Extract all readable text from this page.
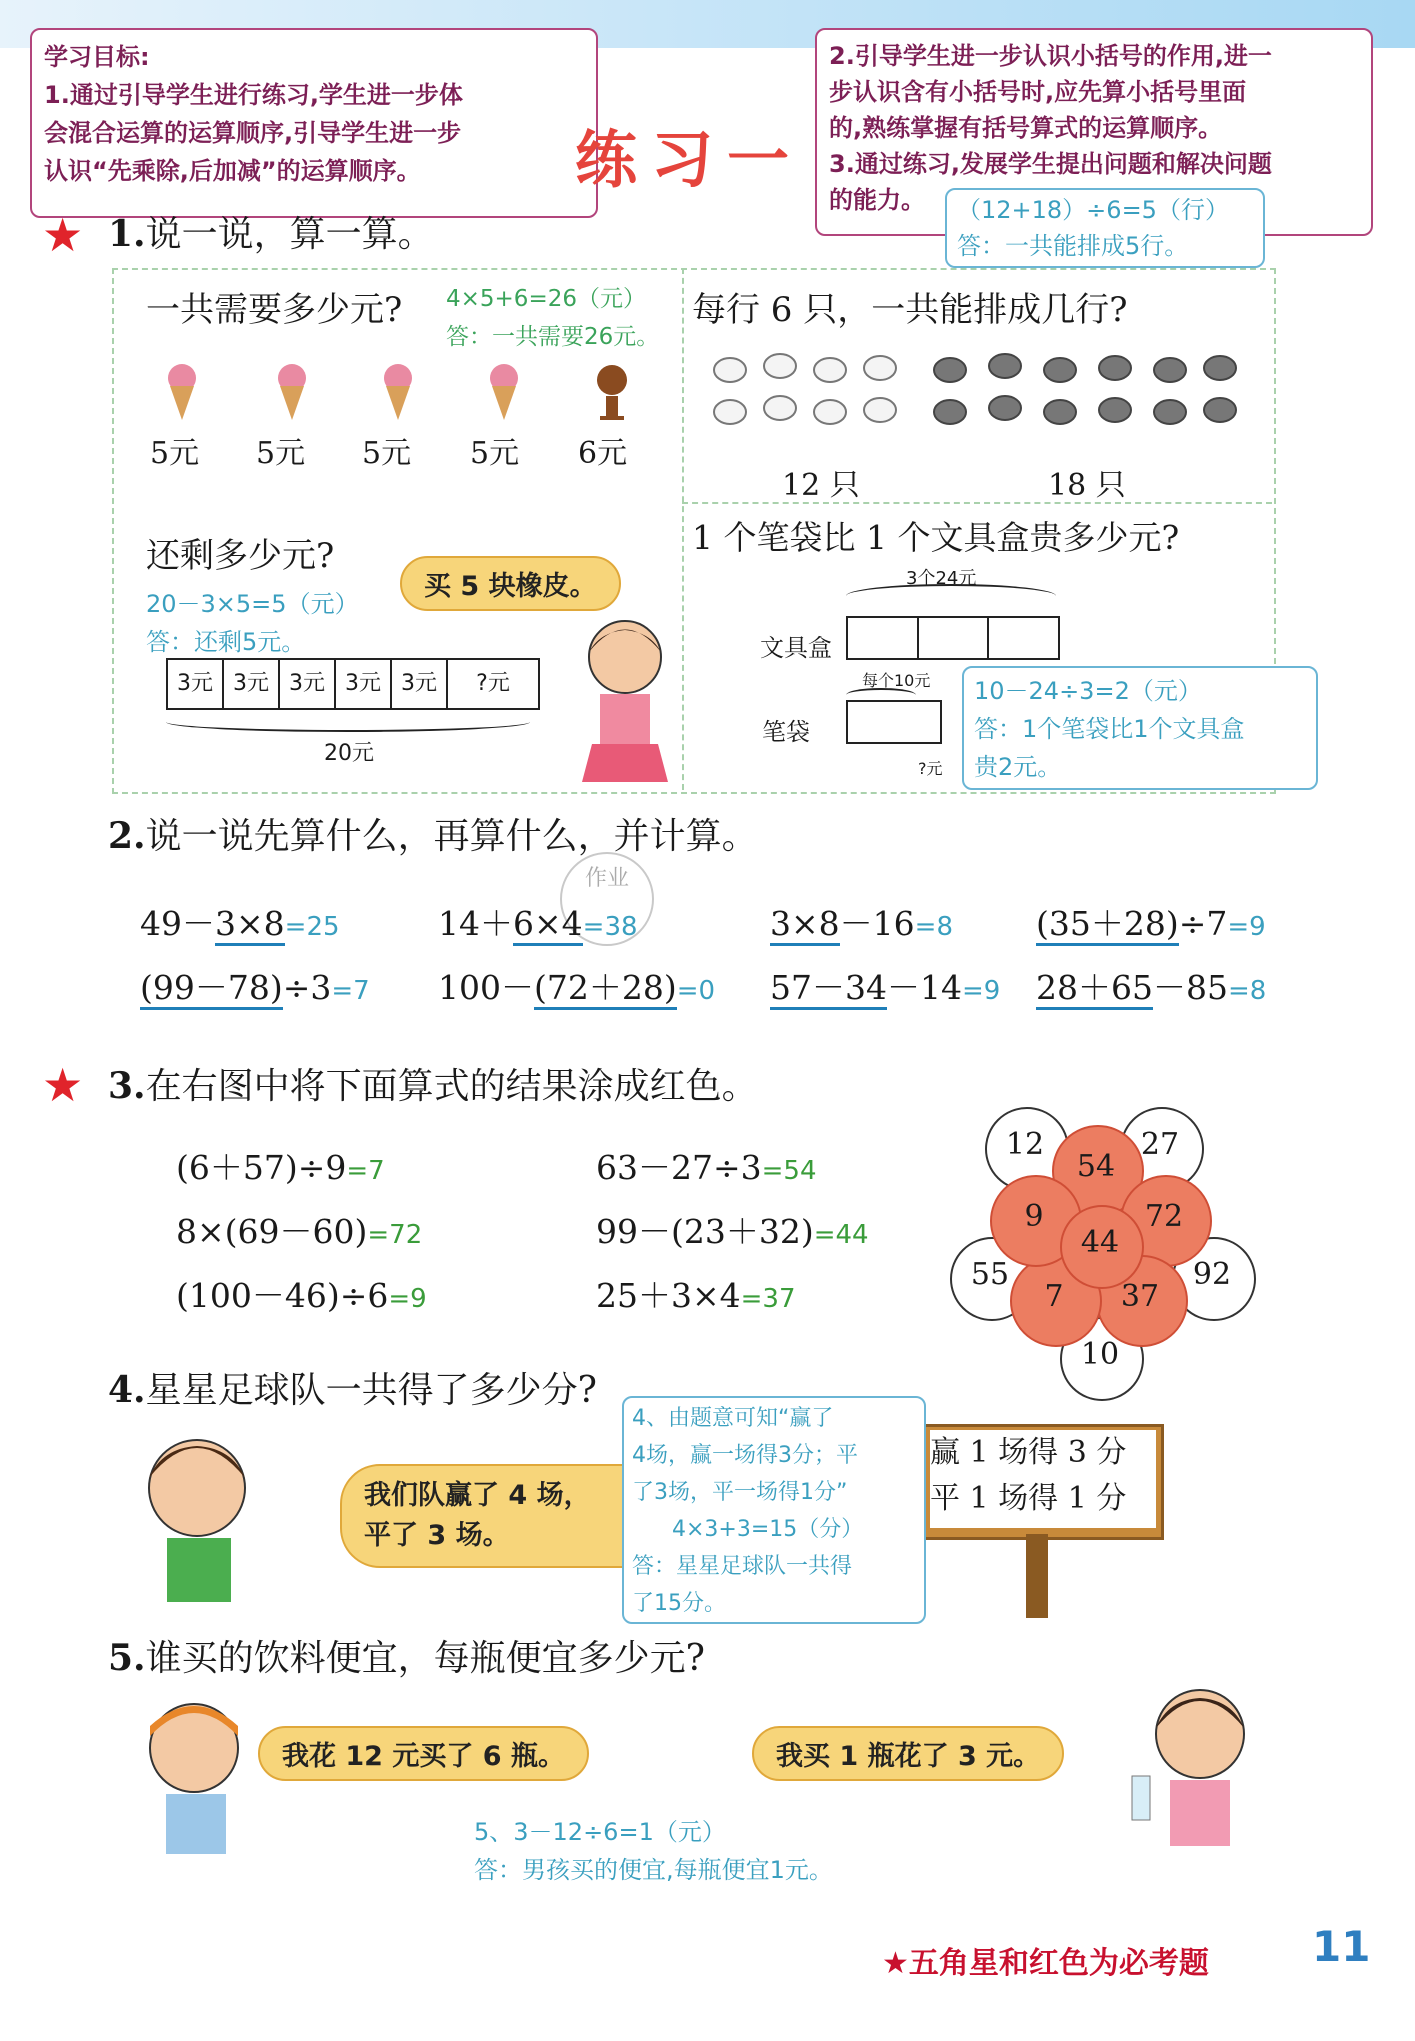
学习目标:
1.通过引导学生进行练习,学生进一步体
会混合运算的运算顺序,引导学生进一步
认识“先乘除,后加减”的运算顺序。
2.引导学生进一步认识小括号的作用,进一
步认识含有小括号时,应先算小括号里面
的,熟练掌握有括号算式的运算顺序。
3.通过练习,发展学生提出问题和解决问题
的能力。
练习一
★ 1.说一说，算一算。
（12+18）÷6=5（行）
答：一共能排成5行。
一共需要多少元? 4×5+6=26（元）
答：一共需要26元。
5元 5元 5元 5元 6元
每行 6 只，一共能排成几行?
12 只	18 只
还剩多少元?
买 5 块橡皮。
20－3×5=5（元）
答：还剩5元。
3元 3元 3元 3元 3元	?元
20元
1 个笔袋比 1 个文具盒贵多少元?
3个24元
文具盒
每个10元
笔袋
?元
10－24÷3=2（元）
答：1个笔袋比1个文具盒
贵2元。
2.说一说先算什么，再算什么，并计算。
作业
49－3×8=25	14＋6×4=38	3×8－16=8	(35＋28)÷7=9
(99－78)÷3=7 100－(72＋28)=0 57－34－14=9 28＋65－85=8
★ 3.在右图中将下面算式的结果涂成红色。
(6＋57)÷9=7	63－27÷3=54
8×(69－60)=72	99－(23＋32)=44
(100－46)÷6=9	25＋3×4=37
12	27
92
10
55
54
72
37
7
9
44
4.星星足球队一共得了多少分?
我们队赢了 4 场，
平了 3 场。
赢 1 场得 3 分
平 1 场得 1 分
4、由题意可知“赢了
4场，赢一场得3分；平
了3场，平一场得1分”
4×3+3=15（分）
答：星星足球队一共得
了15分。
5.谁买的饮料便宜，每瓶便宜多少元?
我花 12 元买了 6 瓶。	我买 1 瓶花了 3 元。
5、3－12÷6=1（元）
答：男孩买的便宜,每瓶便宜1元。
★五角星和红色为必考题 11
